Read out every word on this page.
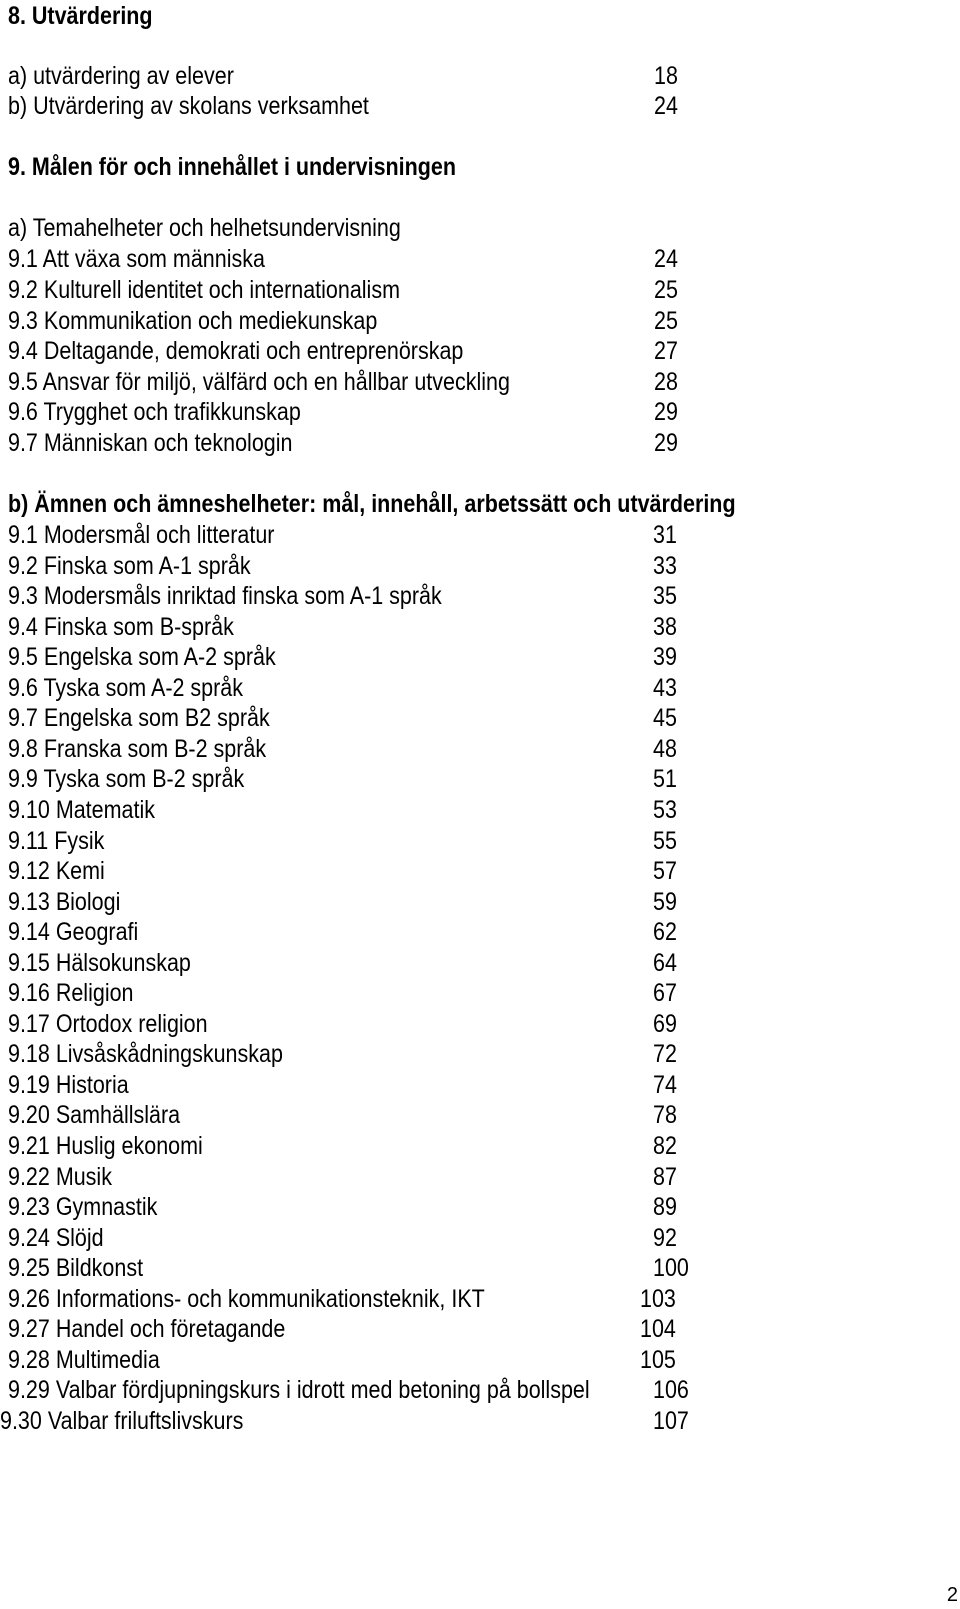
8. Utvärdering
a) utvärdering av elever	18
b) Utvärdering av skolans verksamhet	24
9. Målen för och innehållet i undervisningen
a) Temahelheter och helhetsundervisning
9.1 Att växa som människa	24
9.2 Kulturell identitet och internationalism	25
9.3 Kommunikation och mediekunskap	25
9.4 Deltagande, demokrati och entreprenörskap	27
9.5 Ansvar för miljö, välfärd och en hållbar utveckling	28
9.6 Trygghet och trafikkunskap	29
9.7 Människan och teknologin	29
b) Ämnen och ämneshelheter: mål, innehåll, arbetssätt och utvärdering
9.1 Modersmål och litteratur	31
9.2 Finska som A-1 språk	33
9.3 Modersmåls inriktad finska som A-1 språk	35
9.4 Finska som B-språk	38
9.5 Engelska som A-2 språk	39
9.6 Tyska som A-2 språk	43
9.7 Engelska som B2 språk	45
9.8 Franska som B-2 språk	48
9.9 Tyska som B-2 språk	51
9.10 Matematik	53
9.11 Fysik	55
9.12 Kemi	57
9.13 Biologi	59
9.14 Geografi	62
9.15 Hälsokunskap	64
9.16 Religion	67
9.17 Ortodox religion	69
9.18 Livsåskådningskunskap	72
9.19 Historia	74
9.20 Samhällslära	78
9.21 Huslig ekonomi	82
9.22 Musik	87
9.23 Gymnastik	89
9.24 Slöjd	92
9.25 Bildkonst	100
9.26 Informations- och kommunikationsteknik, IKT	103
9.27 Handel och företagande	104
9.28 Multimedia	105
9.29 Valbar fördjupningskurs i idrott med betoning på bollspel	106
9.30 Valbar friluftslivskurs	107
2
